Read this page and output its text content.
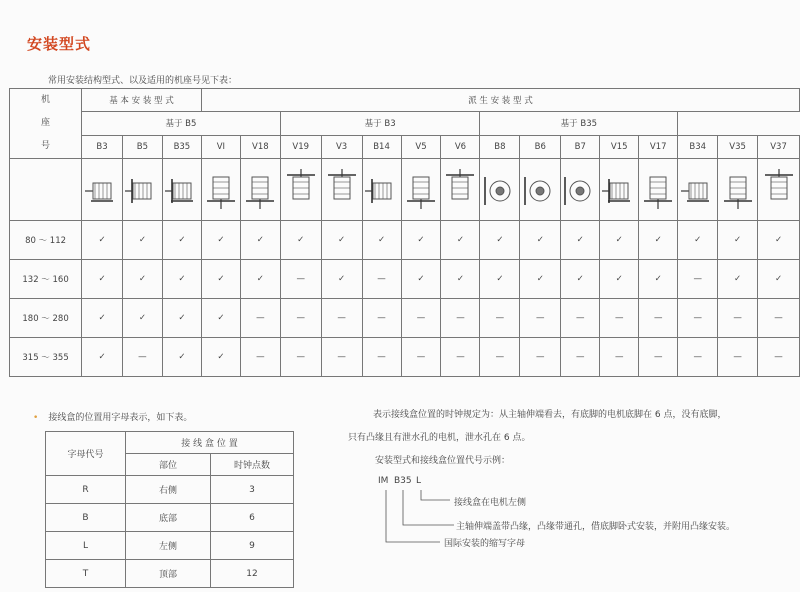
安装型式
常用安装结构型式、以及适用的机座号见下表：
机
座
号	基 本 安 装 型 式			派 生 安 装 型 式														
	基于 B5					基于 B3					基于 B35							
	B3	B5	B35	VI	V18	V19	V3	B14	V5	V6	B8	B6	B7	V15	V17	B34	V35	V37

80 ～ 112	✓	✓	✓	✓	✓	✓	✓	✓	✓	✓	✓	✓	✓	✓	✓	✓	✓	✓
132 ～ 160	✓	✓	✓	✓	✓	—	✓	—	✓	✓	✓	✓	✓	✓	✓	—	✓	✓
180 ～ 280	✓	✓	✓	✓	—	—	—	—	—	—	—	—	—	—	—	—	—	—
315 ～ 355	✓	—	✓	✓	—	—	—	—	—	—	—	—	—	—	—	—	—	—
• 接线盒的位置用字母表示，如下表。
字母代号	接 线 盒 位 置	
	部位	时钟点数
R	右侧	3
B	底部	6
L	左侧	9
T	顶部	12
表示接线盒位置的时钟规定为：从主轴伸端看去，有底脚的电机底脚在 6 点，没有底脚，
只有凸缘且有泄水孔的电机，泄水孔在 6 点。
安装型式和接线盒位置代号示例：
IM B35 L
接线盒在电机左侧
主轴伸端盖带凸缘，凸缘带通孔，借底脚卧式安装，并附用凸缘安装。
国际安装的缩写字母
